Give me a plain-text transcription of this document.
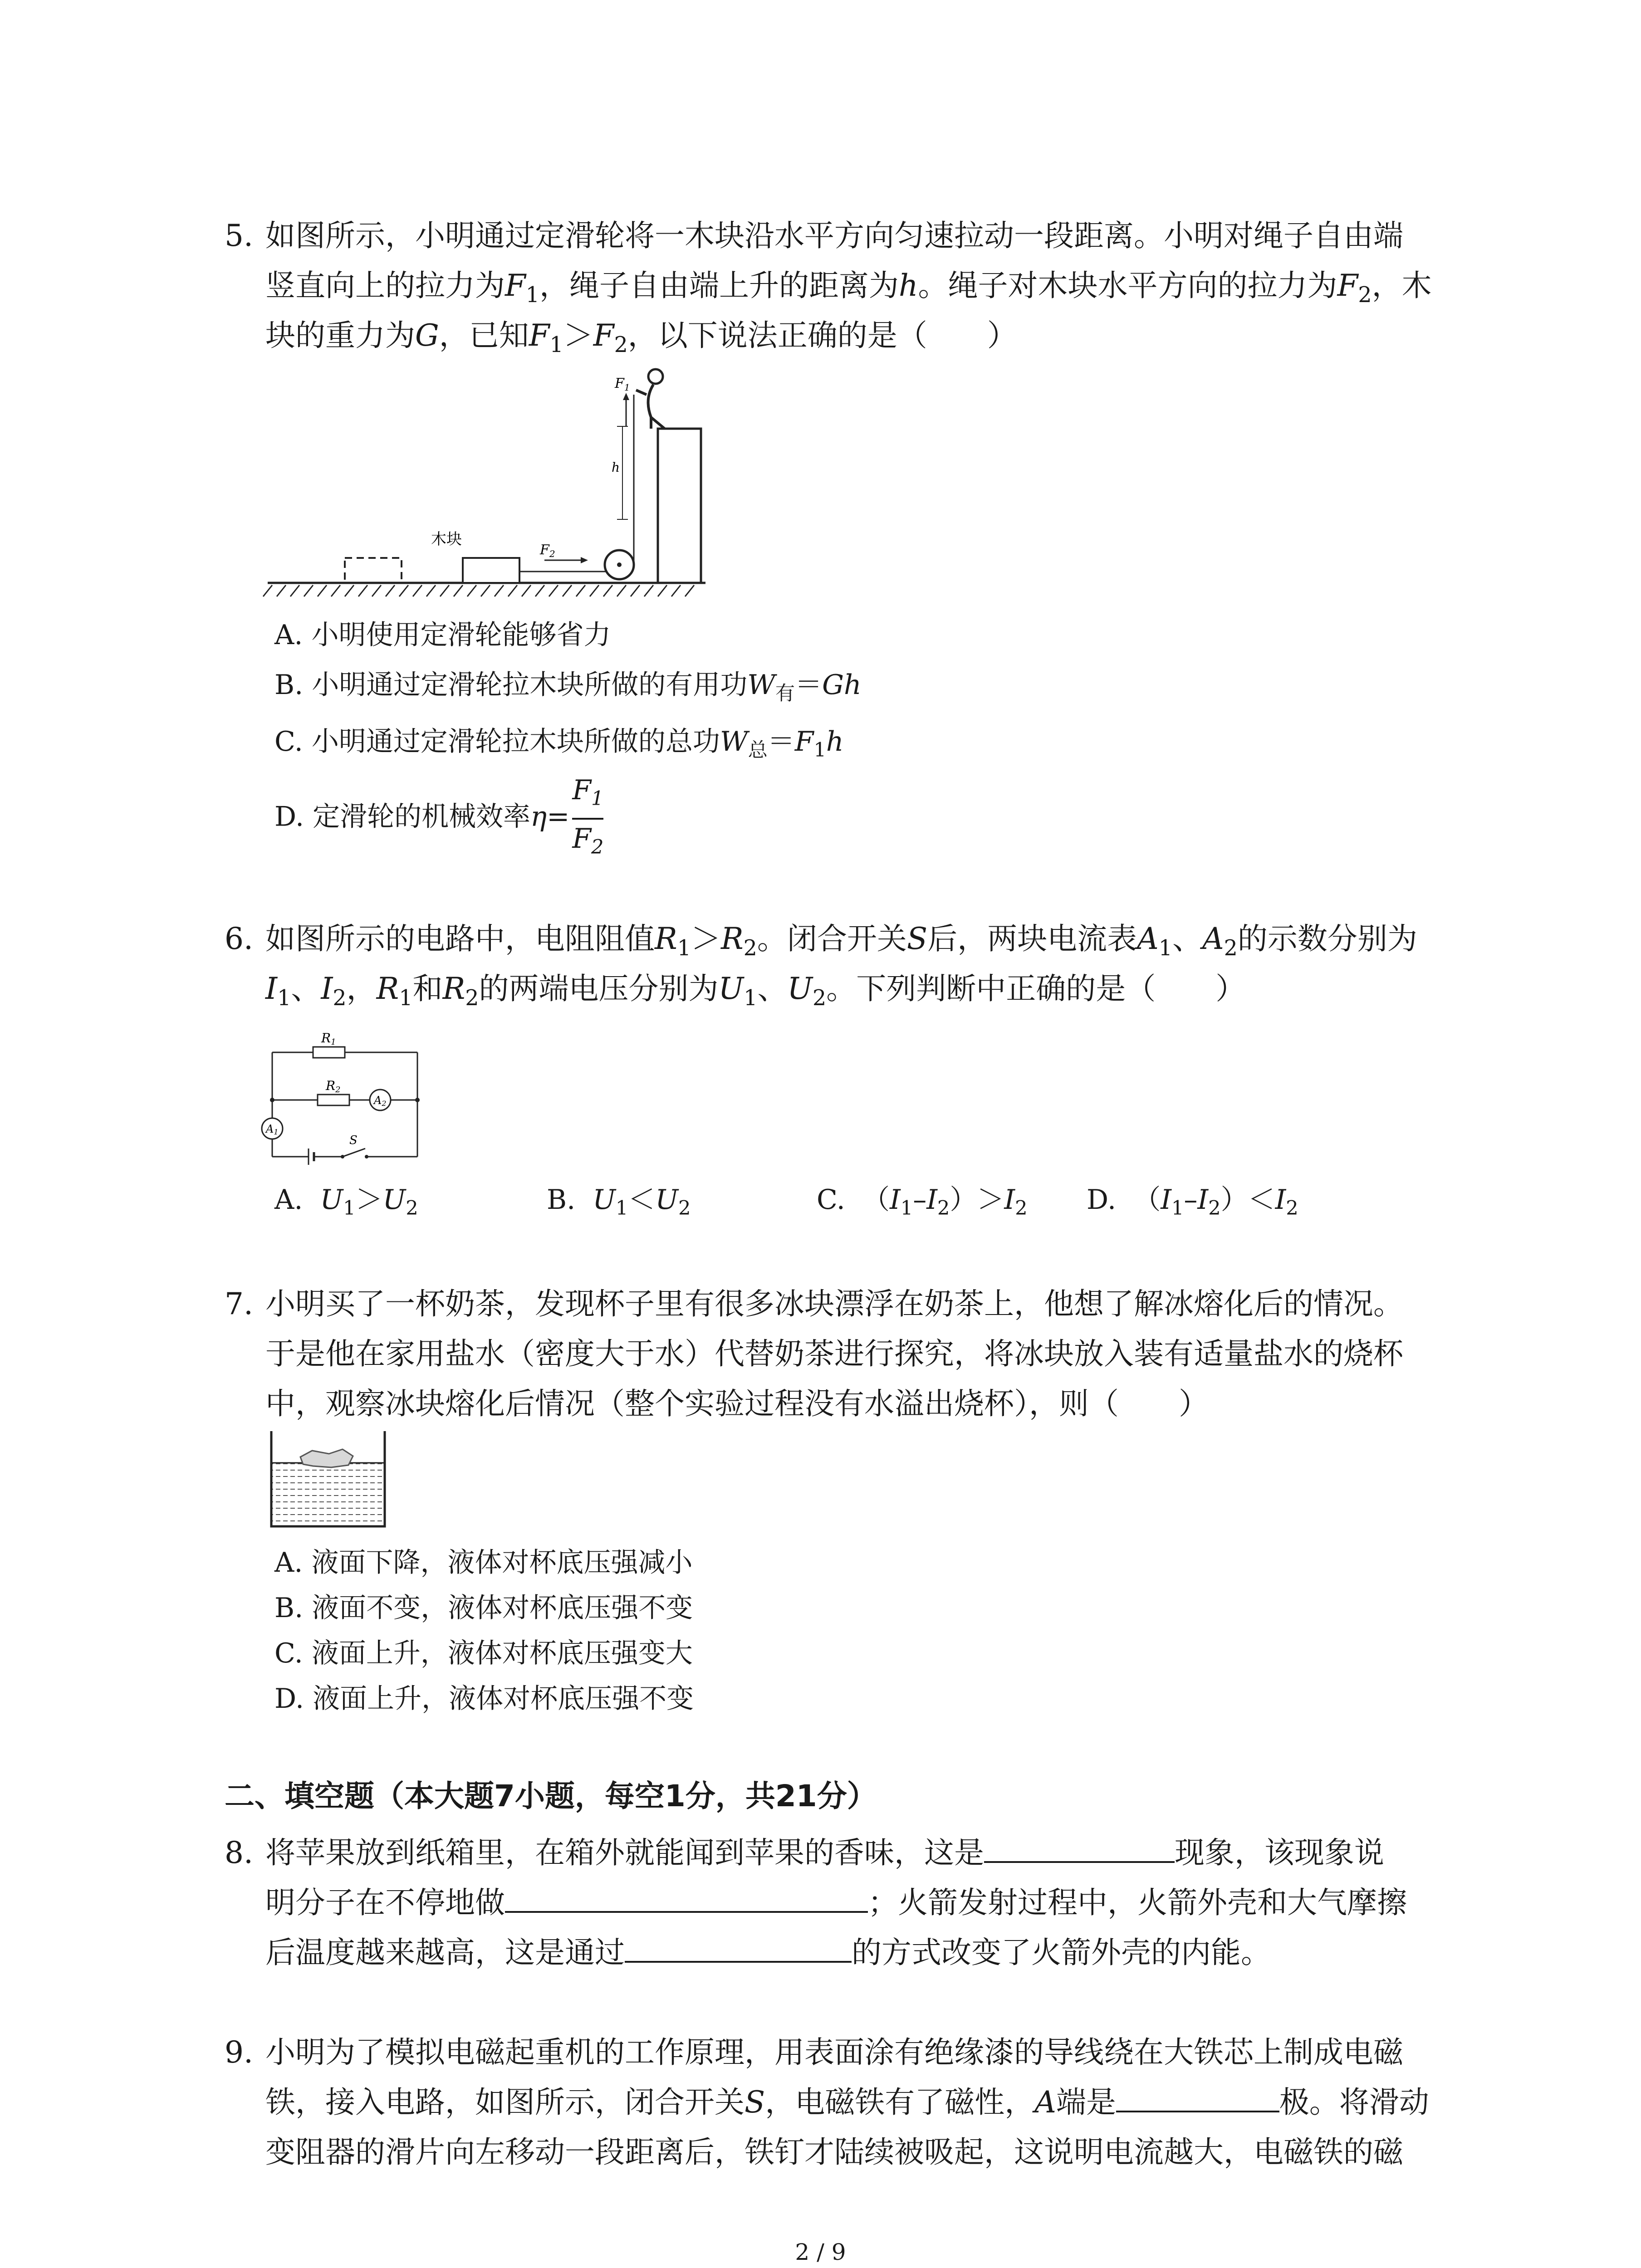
5. 如图所示，小明通过定滑轮将一木块沿水平方向匀速拉动一段距离。小明对绳子自由端
竖直向上的拉力为$F_1$，绳子自由端上升的距离为h。绳子对木块水平方向的拉力为$F_2$，木
块的重力为G，已知$F_1>F_2$，以下说法正确的是（　　）
木块
$F_2$
$F_1$
h
A. 小明使用定滑轮能够省力
B. 小明通过定滑轮拉木块所做的有用功$W_有=Gh$
C. 小明通过定滑轮拉木块所做的总功$W_总=F_1h$
D. 定滑轮的机械效率$\eta= \frac{F_1}{F_2}$
6. 如图所示的电路中，电阻阻值$R_1>R_2$。闭合开关S后，两块电流表$A_1$、$A_2$的示数分别为
$I_1$、$I_2$，$R_1$和$R_2$的两端电压分别为$U_1$、$U_2$。下列判断中正确的是（　　）
R1
R2
A2
A1
S
A. $U_1>U_2$	B. $U_1<U_2$	C. $(I_1-I_2)>I_2$ D. $(I_1-I_2)<I_2$
7. 小明买了一杯奶茶，发现杯子里有很多冰块漂浮在奶茶上，他想了解冰熔化后的情况。
于是他在家用盐水（密度大于水）代替奶茶进行探究，将冰块放入装有适量盐水的烧杯
中，观察冰块熔化后情况（整个实验过程没有水溢出烧杯），则（　　）
A. 液面下降，液体对杯底压强减小
B. 液面不变，液体对杯底压强不变
C. 液面上升，液体对杯底压强变大
D. 液面上升，液体对杯底压强不变
二、填空题（本大题7小题，每空1分，共21分）
8. 将苹果放到纸箱里，在箱外就能闻到苹果的香味，这是	现象，该现象说
明分子在不停地做	；火箭发射过程中，火箭外壳和大气摩擦
后温度越来越高，这是通过	的方式改变了火箭外壳的内能。
9. 小明为了模拟电磁起重机的工作原理，用表面涂有绝缘漆的导线绕在大铁芯上制成电磁
铁，接入电路，如图所示，闭合开关S，电磁铁有了磁性，A端是	极。将滑动
变阻器的滑片向左移动一段距离后，铁钉才陆续被吸起，这说明电流越大，电磁铁的磁
2 / 9
